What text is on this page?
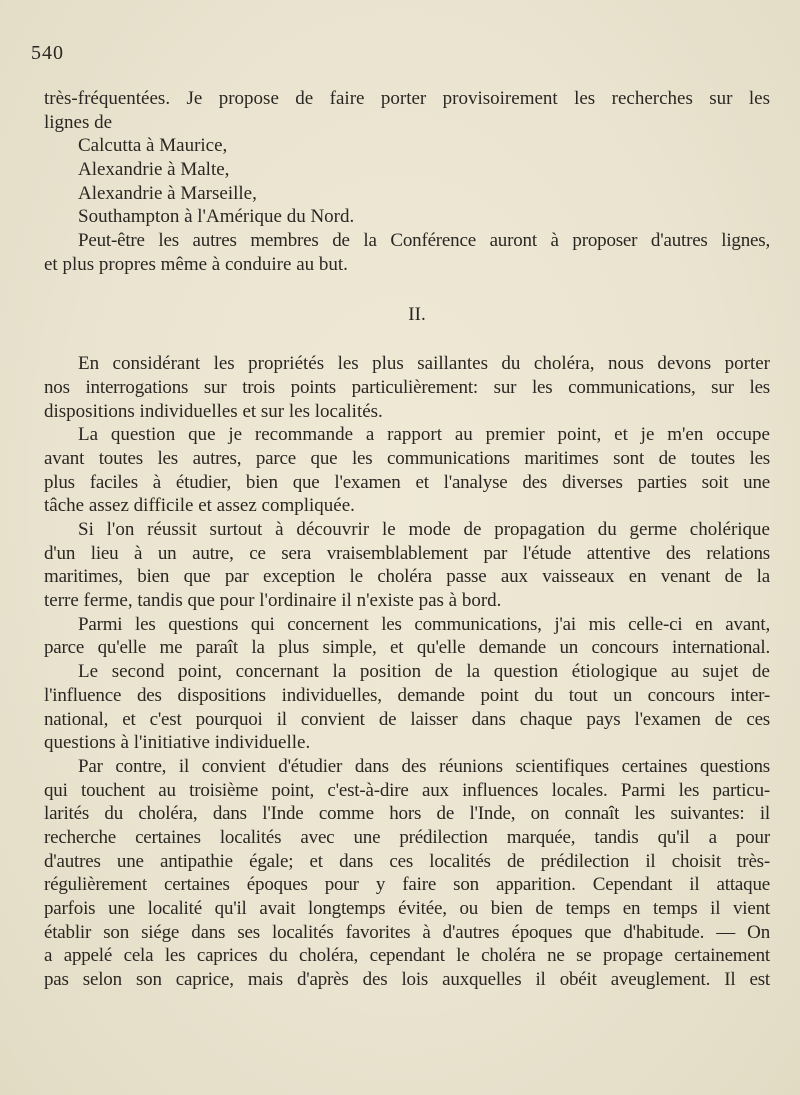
540
très-fréquentées. Je propose de faire porter provisoirement les recherches sur les
lignes de
Calcutta à Maurice,
Alexandrie à Malte,
Alexandrie à Marseille,
Southampton à l'Amérique du Nord.
Peut-être les autres membres de la Conférence auront à proposer d'autres lignes,
et plus propres même à conduire au but.
II.
En considérant les propriétés les plus saillantes du choléra, nous devons porter
nos interrogations sur trois points particulièrement: sur les communications, sur les
dispositions individuelles et sur les localités.
La question que je recommande a rapport au premier point, et je m'en occupe
avant toutes les autres, parce que les communications maritimes sont de toutes les
plus faciles à étudier, bien que l'examen et l'analyse des diverses parties soit une
tâche assez difficile et assez compliquée.
Si l'on réussit surtout à découvrir le mode de propagation du germe cholérique
d'un lieu à un autre, ce sera vraisemblablement par l'étude attentive des relations
maritimes, bien que par exception le choléra passe aux vaisseaux en venant de la
terre ferme, tandis que pour l'ordinaire il n'existe pas à bord.
Parmi les questions qui concernent les communications, j'ai mis celle-ci en avant,
parce qu'elle me paraît la plus simple, et qu'elle demande un concours international.
Le second point, concernant la position de la question étiologique au sujet de
l'influence des dispositions individuelles, demande point du tout un concours inter-
national, et c'est pourquoi il convient de laisser dans chaque pays l'examen de ces
questions à l'initiative individuelle.
Par contre, il convient d'étudier dans des réunions scientifiques certaines questions
qui touchent au troisième point, c'est-à-dire aux influences locales. Parmi les particu-
larités du choléra, dans l'Inde comme hors de l'Inde, on connaît les suivantes: il
recherche certaines localités avec une prédilection marquée, tandis qu'il a pour
d'autres une antipathie égale; et dans ces localités de prédilection il choisit très-
régulièrement certaines époques pour y faire son apparition. Cependant il attaque
parfois une localité qu'il avait longtemps évitée, ou bien de temps en temps il vient
établir son siége dans ses localités favorites à d'autres époques que d'habitude. — On
a appelé cela les caprices du choléra, cependant le choléra ne se propage certainement
pas selon son caprice, mais d'après des lois auxquelles il obéit aveuglement. Il est
